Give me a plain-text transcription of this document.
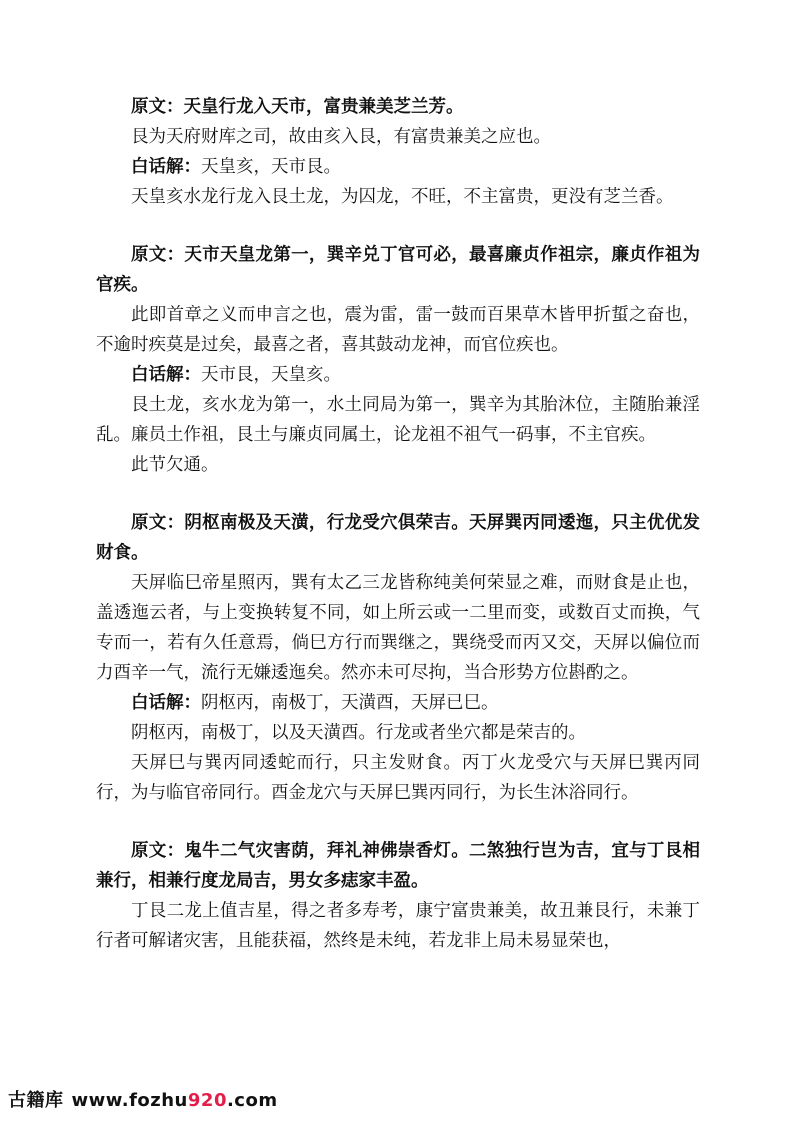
原文：天皇行龙入天市，富贵兼美芝兰芳。

艮为天府财库之司，故由亥入艮，有富贵兼美之应也。

白话解：天皇亥，天市艮。

天皇亥水龙行龙入艮土龙，为囚龙，不旺，不主富贵，更没有芝兰香。

原文：天市天皇龙第一，巽辛兑丁官可必，最喜廉贞作祖宗，廉贞作祖为官疾。

此即首章之义而申言之也，震为雷，雷一鼓而百果草木皆甲折蜇之奋也，不逾时疾莫是过矣，最喜之者，喜其鼓动龙神，而官位疾也。

白话解：天市艮，天皇亥。

艮土龙，亥水龙为第一，水土同局为第一，巽辛为其胎沐位，主随胎兼淫乱。廉员土作祖，艮土与廉贞同属土，论龙祖不祖气一码事，不主官疾。

此节欠通。

原文：阴枢南极及天潢，行龙受穴俱荣吉。天屏巽丙同逶迤，只主优优发财食。

天屏临巳帝星照丙，巽有太乙三龙皆称纯美何荣显之难，而财食是止也，盖透迤云者，与上变换转复不同，如上所云或一二里而变，或数百丈而换，气专而一，若有久任意焉，倘巳方行而巽继之，巽绕受而丙又交，天屏以偏位而力酉辛一气，流行无嫌逶迤矣。然亦未可尽拘，当合形势方位斟酌之。

白话解：阴枢丙，南极丁，天潢酉，天屏已巳。

阴枢丙，南极丁，以及天潢酉。行龙或者坐穴都是荣吉的。

天屏巳与巽丙同逶蛇而行，只主发财食。丙丁火龙受穴与天屏巳巽丙同行，为与临官帝同行。酉金龙穴与天屏巳巽丙同行，为长生沐浴同行。

原文：鬼牛二气灾害荫，拜礼神佛崇香灯。二煞独行岂为吉，宜与丁艮相兼行，相兼行度龙局吉，男女多痣家丰盈。

丁艮二龙上值吉星，得之者多寿考，康宁富贵兼美，故丑兼艮行，未兼丁行者可解诸灾害，且能获福，然终是未纯，若龙非上局未易显荣也，

古籍库 www.fozhu920.com
